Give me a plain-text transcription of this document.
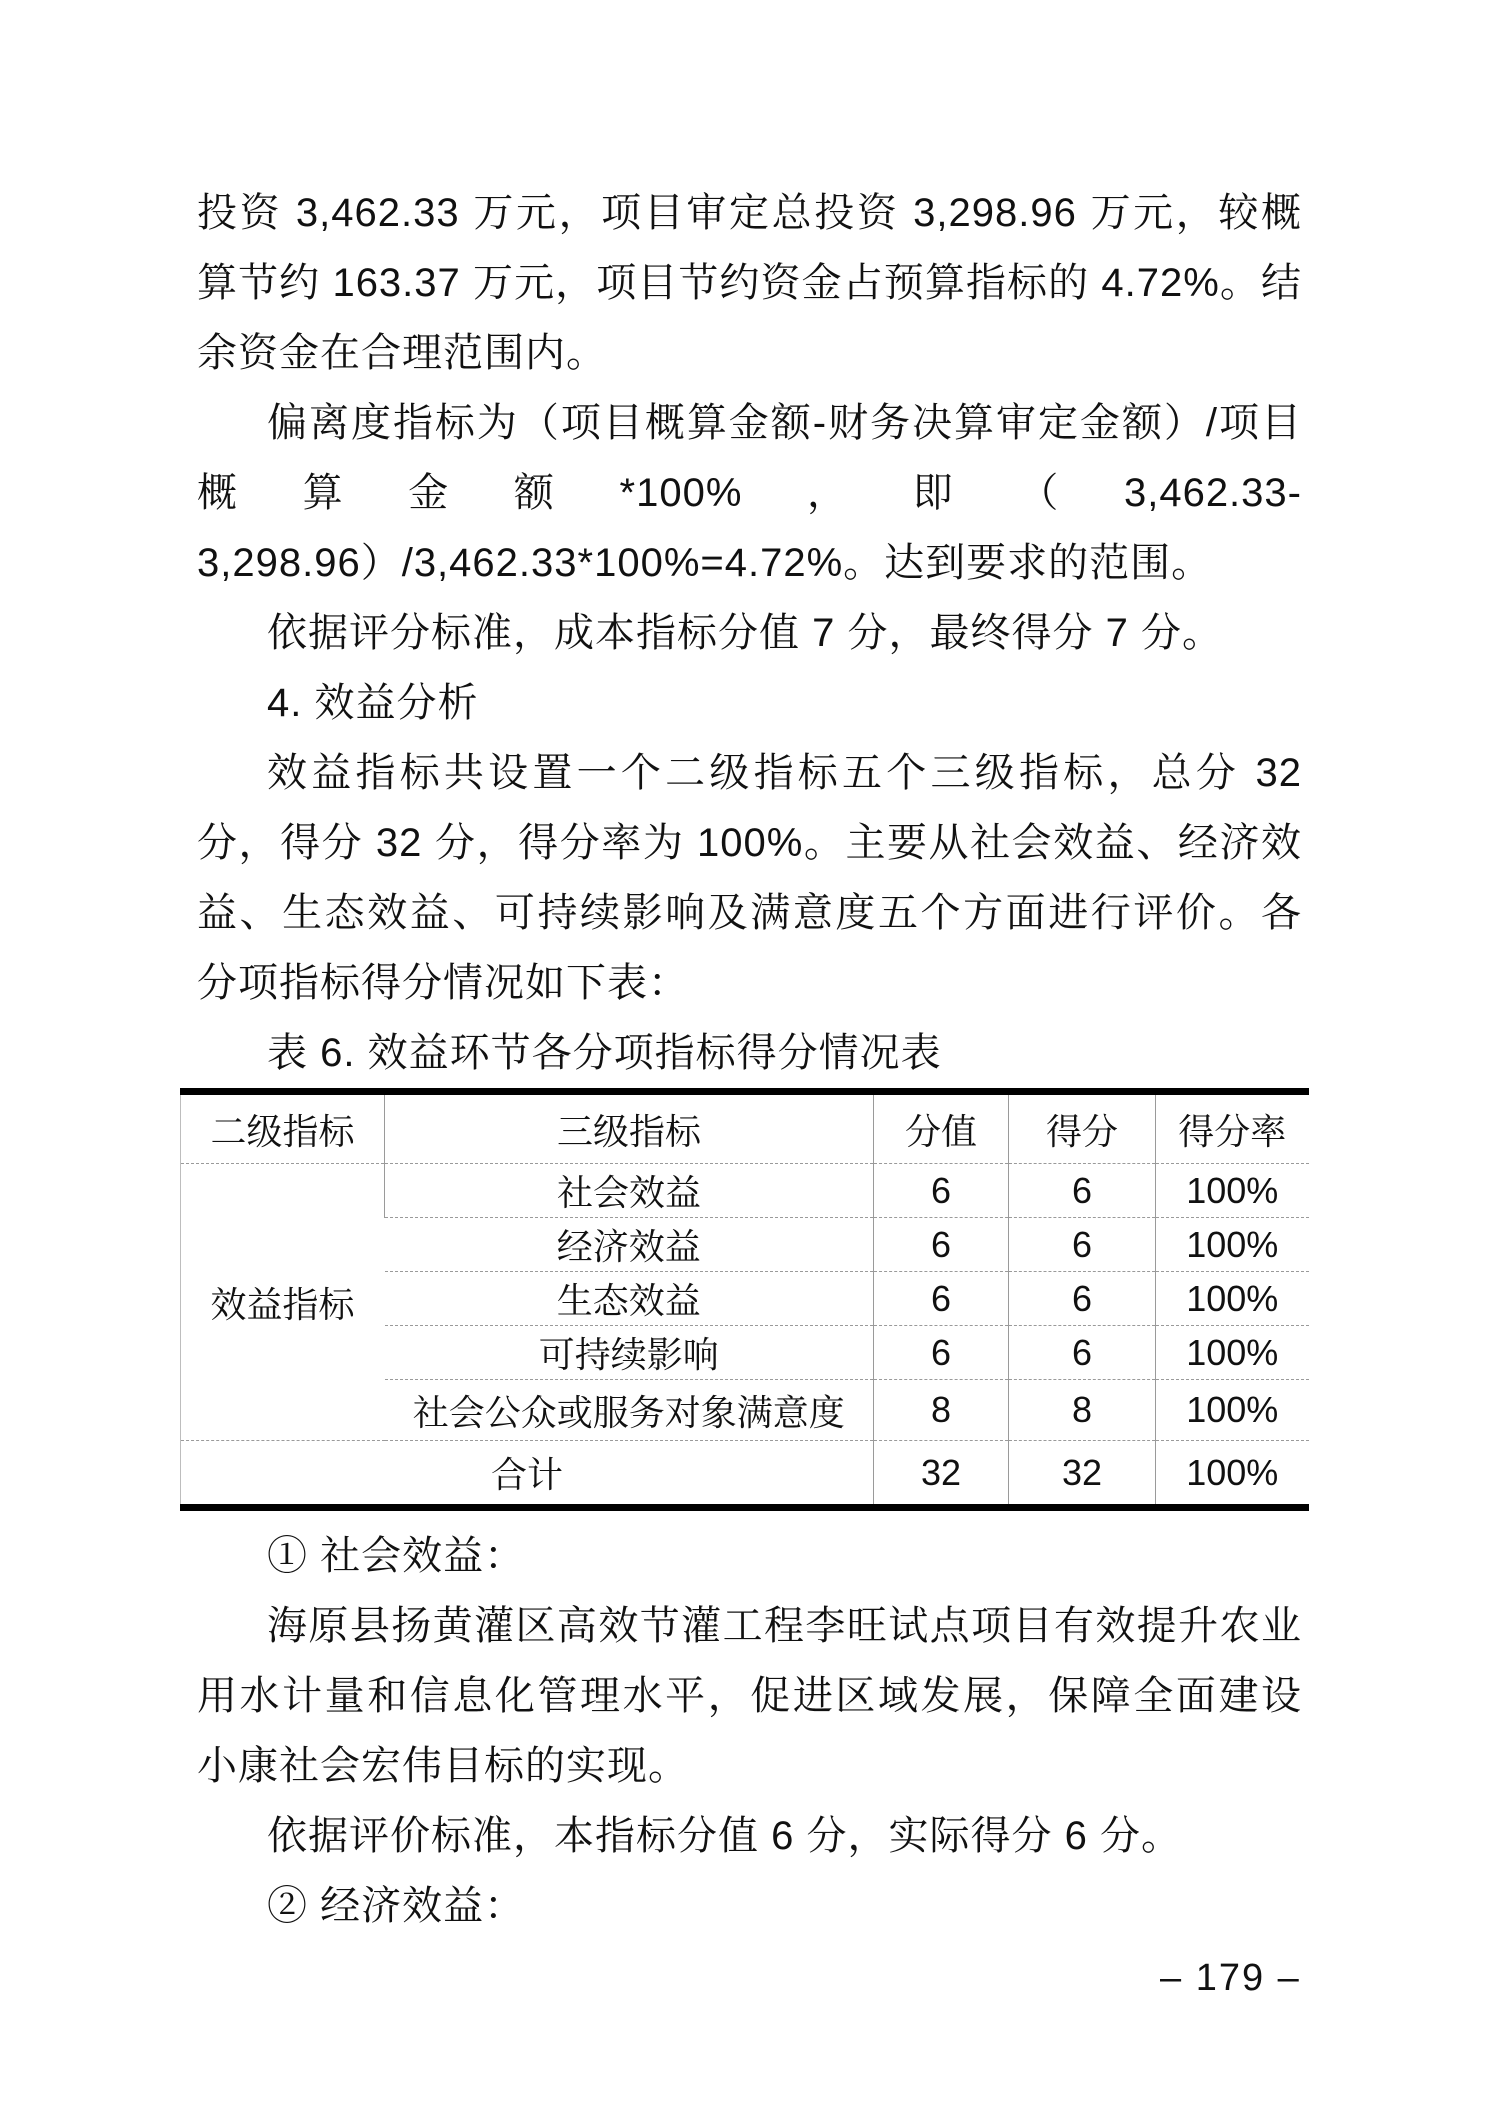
投资 3,462.33 万元，项目审定总投资 3,298.96 万元，较概算节约 163.37 万元，项目节约资金占预算指标的 4.72%。结余资金在合理范围内。

偏离度指标为（项目概算金额-财务决算审定金额）/项目概算金额*100%，即（3,462.33-3,298.96）/3,462.33*100%=4.72%。达到要求的范围。

依据评分标准，成本指标分值 7 分，最终得分 7 分。

4. 效益分析

效益指标共设置一个二级指标五个三级指标，总分 32 分，得分 32 分，得分率为 100%。主要从社会效益、经济效益、生态效益、可持续影响及满意度五个方面进行评价。各分项指标得分情况如下表：

表 6. 效益环节各分项指标得分情况表

二级指标	三级指标	分值	得分	得分率
效益指标	社会效益	6	6	100%
	经济效益	6	6	100%
	生态效益	6	6	100%
	可持续影响	6	6	100%
	社会公众或服务对象满意度	8	8	100%
合计		32	32	100%

① 社会效益：

海原县扬黄灌区高效节灌工程李旺试点项目有效提升农业用水计量和信息化管理水平，促进区域发展，保障全面建设小康社会宏伟目标的实现。

依据评价标准，本指标分值 6 分，实际得分 6 分。

② 经济效益：

– 179 –
